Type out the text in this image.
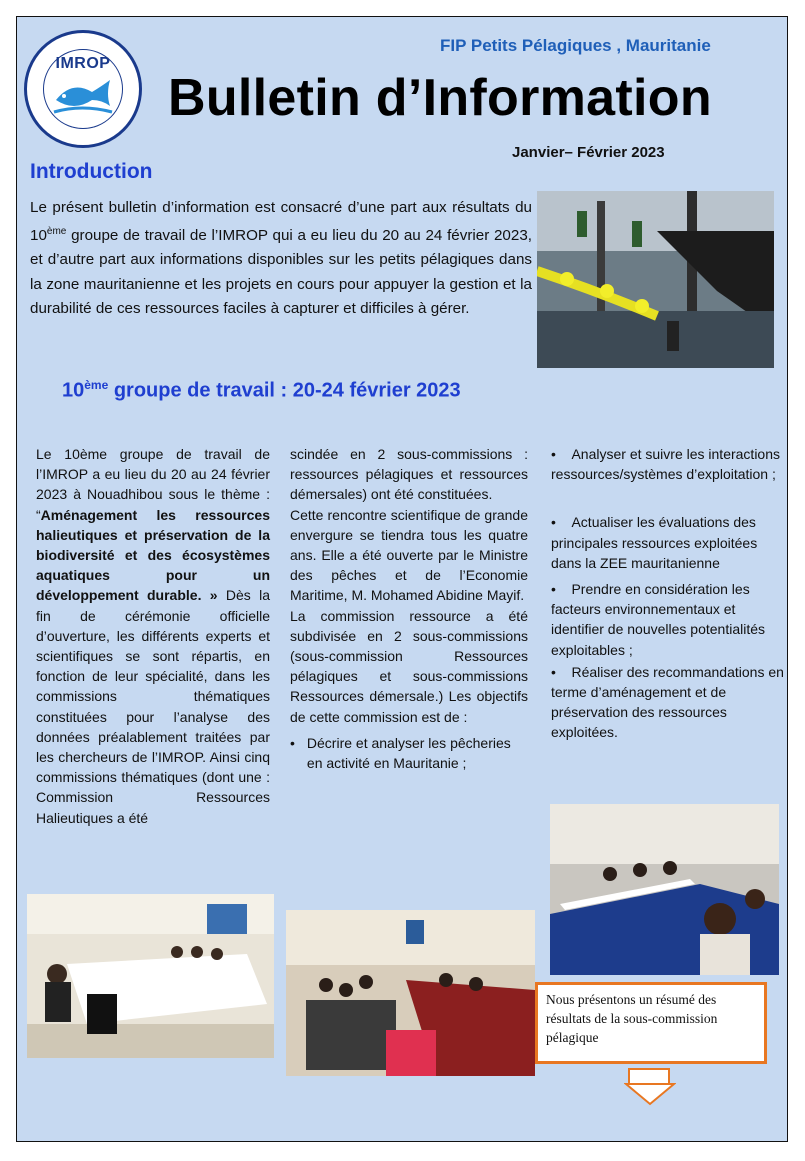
IMROP
FIP Petits Pélagiques , Mauritanie
Bulletin d’Information
Janvier– Février 2023
Introduction
Le présent bulletin d’information est consacré d’une part aux résultats du 10ème groupe de travail de l’IMROP qui a eu lieu du 20 au 24 février 2023, et d’autre part aux informations disponibles sur les petits pélagiques dans la zone mauritanienne et les projets en cours pour appuyer la gestion et la durabilité de ces ressources faciles à capturer et difficiles à gérer.
10ème groupe de travail : 20-24 février 2023

Le 10ème groupe de travail de l’IMROP a eu lieu du 20 au 24 février 2023 à Nouadhibou sous le thème : “Aménagement les ressources halieutiques et préservation de la biodiversité et des écosystèmes aquatiques pour un développement durable. » Dès la fin de cérémonie officielle d’ouverture, les différents experts et scientifiques se sont répartis, en fonction de leur spécialité, dans les commissions thématiques constituées pour l’analyse des données préalablement traitées par les chercheurs de l’IMROP. Ainsi cinq commissions thématiques (dont une : Commission Ressources Halieutiques a été

scindée en 2 sous-commissions : ressources pélagiques et ressources démersales) ont été constituées.

Cette rencontre scientifique de grande envergure se tiendra tous les quatre ans. Elle a été ouverte par le Ministre des pêches et de l’Economie Maritime, M. Mohamed Abidine Mayif.

La commission ressource a été subdivisée en 2 sous-commissions (sous-commission Ressources pélagiques et sous-commissions Ressources démersale.) Les objectifs de cette commission est de :

• Décrire et analyser les pêcheries en activité en Mauritanie ;

• Analyser et suivre les interactions ressources/systèmes d’exploitation ;

• Actualiser les évaluations des principales ressources exploitées dans la ZEE mauritanienne

• Prendre en considération les facteurs environnementaux et identifier de nouvelles potentialités exploitables ;

• Réaliser des recommandations en terme d’aménagement et de préservation des ressources exploitées.

Nous présentons un résumé des résultats de la sous-commission pélagique
